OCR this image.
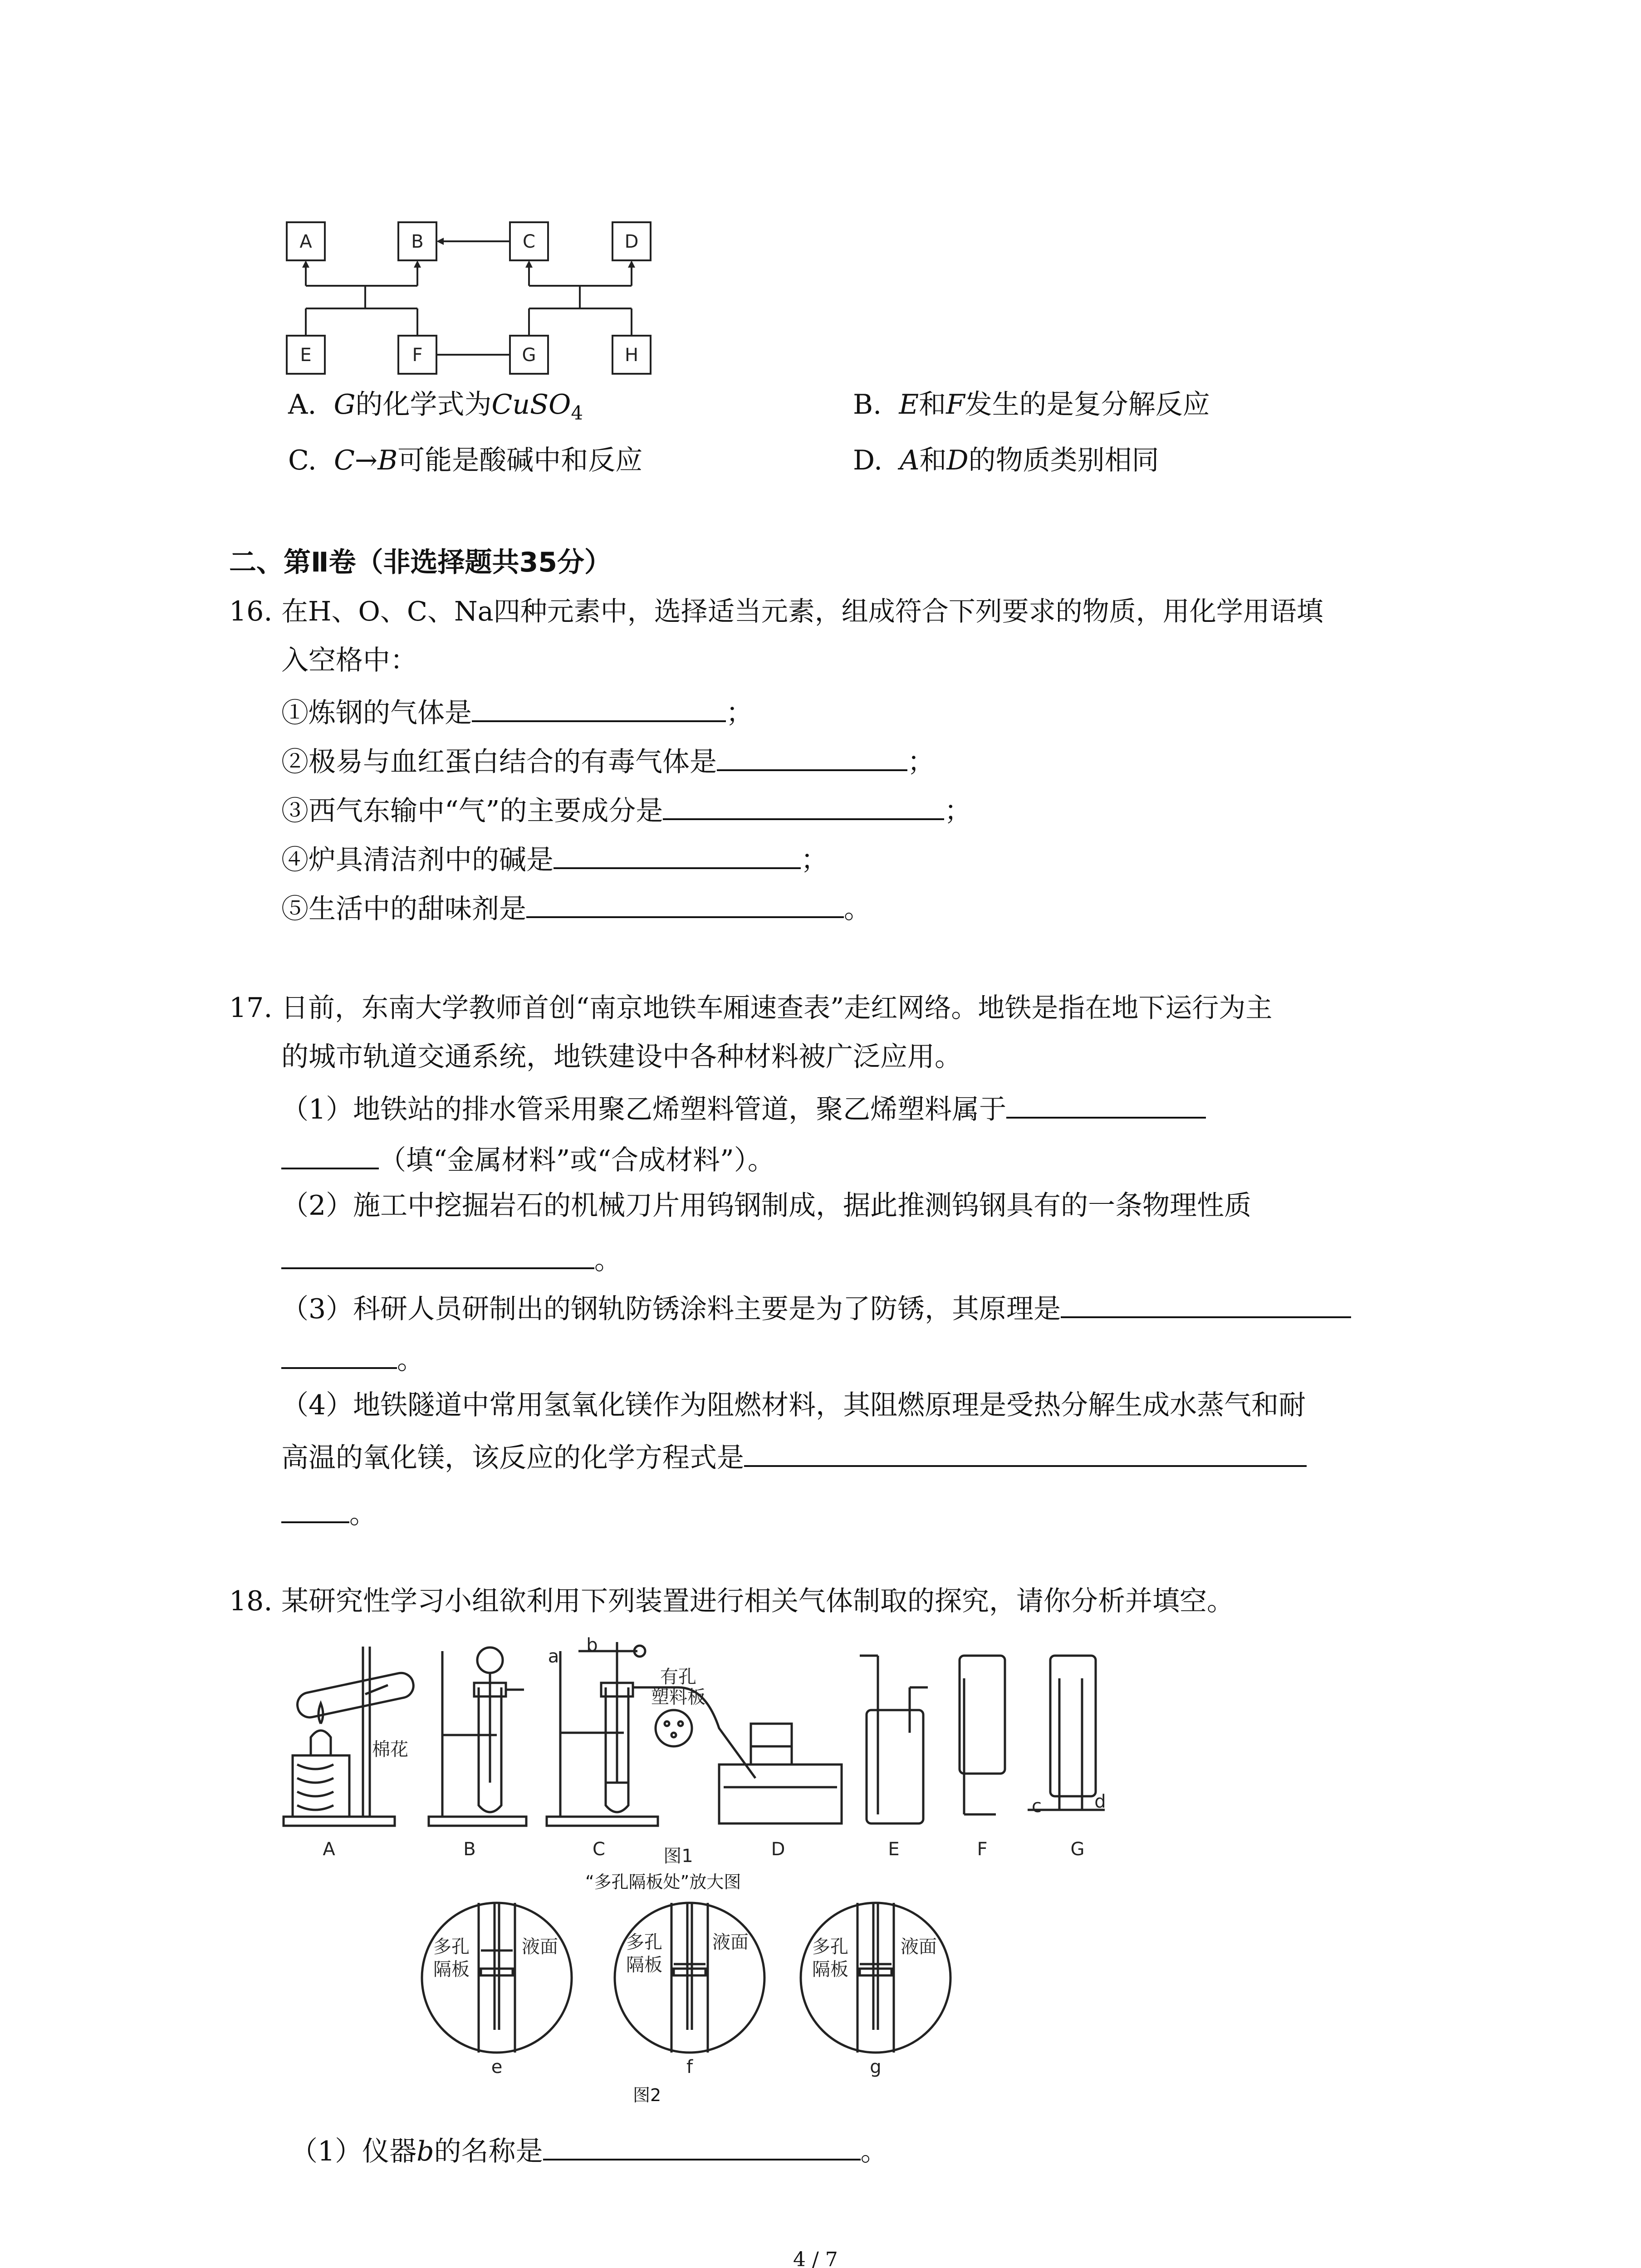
A	B	C	D
E	F	G	H
A. G的化学式为CuSO$_4$	B. E和F发生的是复分解反应
C. C→B可能是酸碱中和反应	D. A和D的物质类别相同
二、第Ⅱ卷（非选择题共35分）
16. 在H、O、C、Na四种元素中，选择适当元素，组成符合下列要求的物质，用化学用语填
入空格中：
①炼钢的气体是	；
②极易与血红蛋白结合的有毒气体是	；
③西气东输中“气”的主要成分是	；
④炉具清洁剂中的碱是	；
⑤生活中的甜味剂是	。
17. 日前，东南大学教师首创“南京地铁车厢速查表”走红网络。地铁是指在地下运行为主
的城市轨道交通系统，地铁建设中各种材料被广泛应用。
（1）地铁站的排水管采用聚乙烯塑料管道，聚乙烯塑料属于
（填“金属材料”或“合成材料”）。
（2）施工中挖掘岩石的机械刀片用钨钢制成，据此推测钨钢具有的一条物理性质
。
（3）科研人员研制出的钢轨防锈涂料主要是为了防锈，其原理是
。
（4）地铁隧道中常用氢氧化镁作为阻燃材料，其阻燃原理是受热分解生成水蒸气和耐
高温的氧化镁，该反应的化学方程式是
。
18. 某研究性学习小组欲利用下列装置进行相关气体制取的探究，请你分析并填空。
棉花
有孔
塑料板
a
b
c	d
A	B	C	图1	D	E	F	G
“多孔隔板处”放大图
多孔
隔板
液面	多孔
隔板
液面	多孔
隔板
液面
e	f	g
图2
（1）仪器b的名称是	。
4 / 7
